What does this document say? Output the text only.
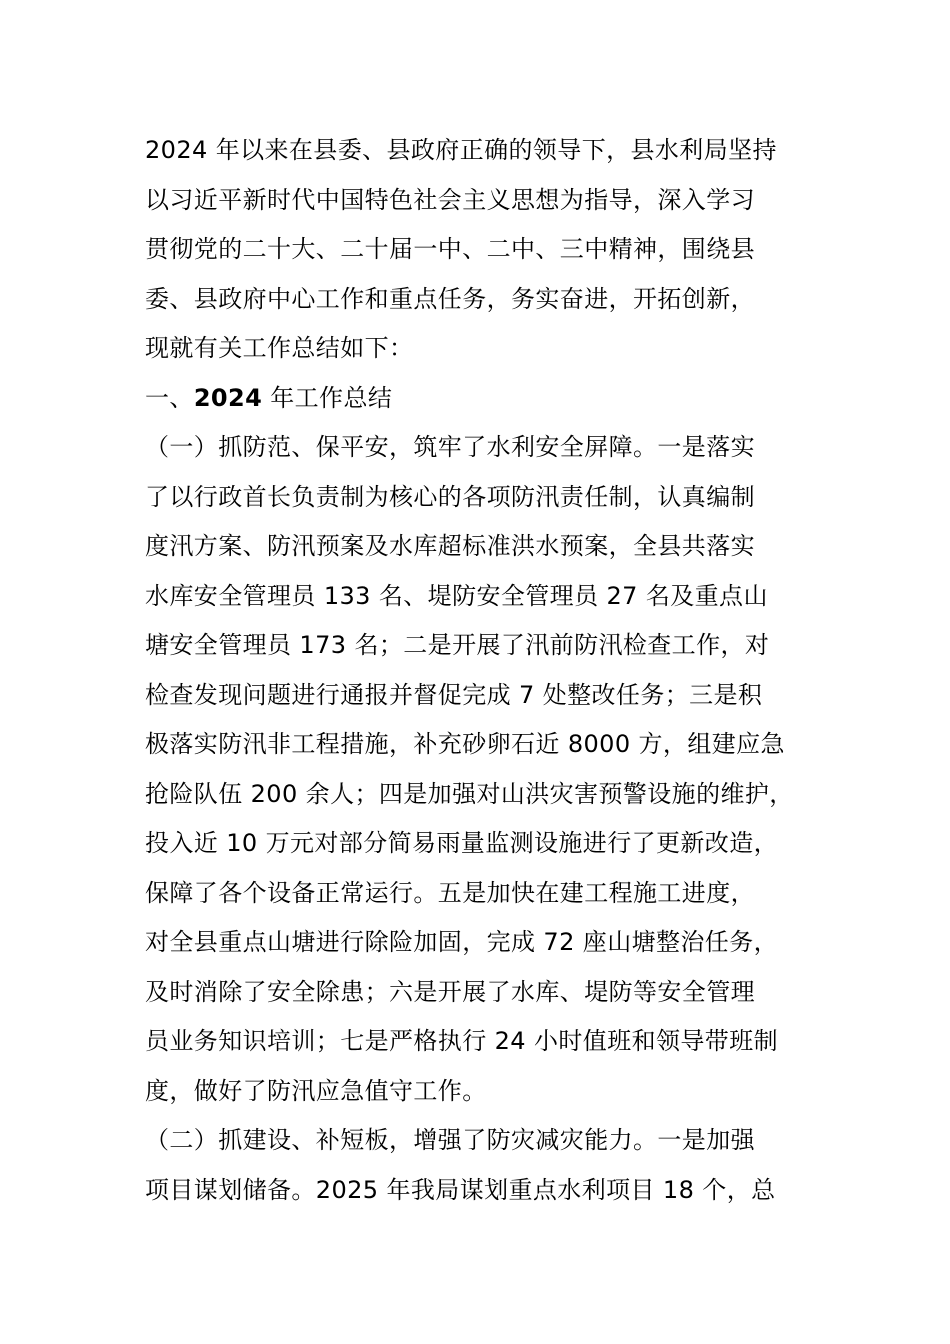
2024 年以来在县委、县政府正确的领导下，县水利局坚持
以习近平新时代中国特色社会主义思想为指导，深入学习
贯彻党的二十大、二十届一中、二中、三中精神，围绕县
委、县政府中心工作和重点任务，务实奋进，开拓创新，
现就有关工作总结如下：
一、2024 年工作总结
（一）抓防范、保平安，筑牢了水利安全屏障。一是落实
了以行政首长负责制为核心的各项防汛责任制，认真编制
度汛方案、防汛预案及水库超标准洪水预案，全县共落实
水库安全管理员 133 名、堤防安全管理员 27 名及重点山
塘安全管理员 173 名；二是开展了汛前防汛检查工作，对
检查发现问题进行通报并督促完成 7 处整改任务；三是积
极落实防汛非工程措施，补充砂卵石近 8000 方，组建应急
抢险队伍 200 余人；四是加强对山洪灾害预警设施的维护，
投入近 10 万元对部分简易雨量监测设施进行了更新改造，
保障了各个设备正常运行。五是加快在建工程施工进度，
对全县重点山塘进行除险加固，完成 72 座山塘整治任务，
及时消除了安全除患；六是开展了水库、堤防等安全管理
员业务知识培训；七是严格执行 24 小时值班和领导带班制
度，做好了防汛应急值守工作。
（二）抓建设、补短板，增强了防灾减灾能力。一是加强
项目谋划储备。2025 年我局谋划重点水利项目 18 个，总
